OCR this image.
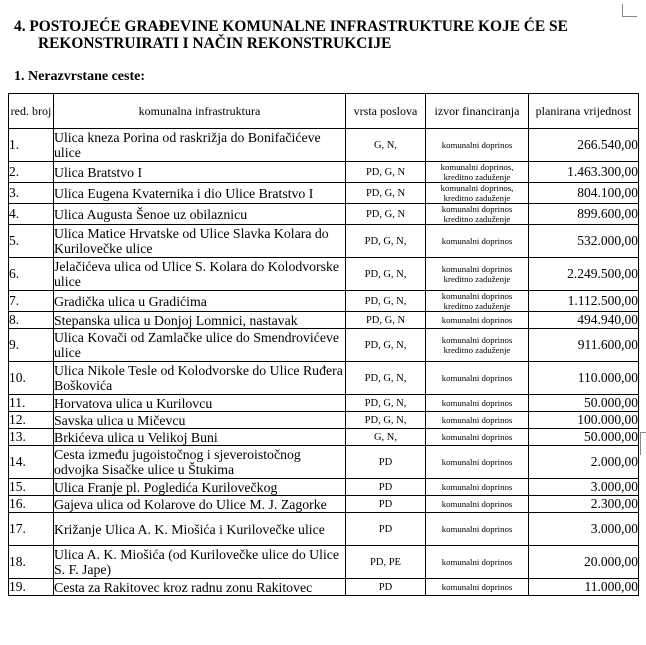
4. POSTOJEĆE GRAĐEVINE KOMUNALNE INFRASTRUKTURE KOJE ĆE SE
REKONSTRUIRATI I NAČIN REKONSTRUKCIJE

1. Nerazvrstane ceste:

red. broj	komunalna infrastruktura	vrsta poslova	izvor financiranja	planirana vrijednost
1.	Ulica kneza Porina od raskrižja do Bonifačićeve ulice	G, N,	komunalni doprinos	266.540,00
2.	Ulica Bratstvo I	PD, G, N	komunalni doprinos, kreditno zaduženje	1.463.300,00
3.	Ulica Eugena Kvaternika i dio Ulice Bratstvo I	PD, G, N	komunalni doprinos, kreditno zaduženje	804.100,00
4.	Ulica Augusta Šenoe uz obilaznicu	PD, G, N	komunalni doprinos kreditno zaduženje	899.600,00
5.	Ulica Matice Hrvatske od Ulice Slavka Kolara do Kurilovečke ulice	PD, G, N,	komunalni doprinos	532.000,00
6.	Jelačićeva ulica od Ulice S. Kolara do Kolodvorske ulice	PD, G, N,	komunalni doprinos kreditno zaduženje	2.249.500,00
7.	Gradička ulica u Gradićima	PD, G, N,	komunalni doprinos kreditno zaduženje	1.112.500,00
8.	Stepanska ulica u Donjoj Lomnici, nastavak	PD, G, N	komunalni doprinos	494.940,00
9.	Ulica Kovači od Zamlačke ulice do Smendrovićeve ulice	PD, G, N,	komunalni doprinos kreditno zaduženje	911.600,00
10.	Ulica Nikole Tesle od Kolodvorske do Ulice Ruđera Boškovića	PD, G, N,	komunalni doprinos	110.000,00
11.	Horvatova ulica u Kurilovcu	PD, G, N,	komunalni doprinos	50.000,00
12.	Savska ulica u Mičevcu	PD, G, N,	komunalni doprinos	100.000,00
13.	Brkićeva ulica u Velikoj Buni	G, N,	komunalni doprinos	50.000,00
14.	Cesta između jugoistočnog i sjeveroistočnog odvojka Sisačke ulice u Štukima	PD	komunalni doprinos	2.000,00
15.	Ulica Franje pl. Pogledića Kurilovečkog	PD	komunalni doprinos	3.000,00
16.	Gajeva ulica od Kolarove do Ulice M. J. Zagorke	PD	komunalni doprinos	2.300,00
17.	Križanje Ulica A. K. Miošića i Kurilovečke ulice	PD	komunalni doprinos	3.000,00
18.	Ulica A. K. Miošića (od Kurilovečke ulice do Ulice S. F. Jape)	PD, PE	komunalni doprinos	20.000,00
19.	Cesta za Rakitovec kroz radnu zonu Rakitovec	PD	komunalni doprinos	11.000,00
